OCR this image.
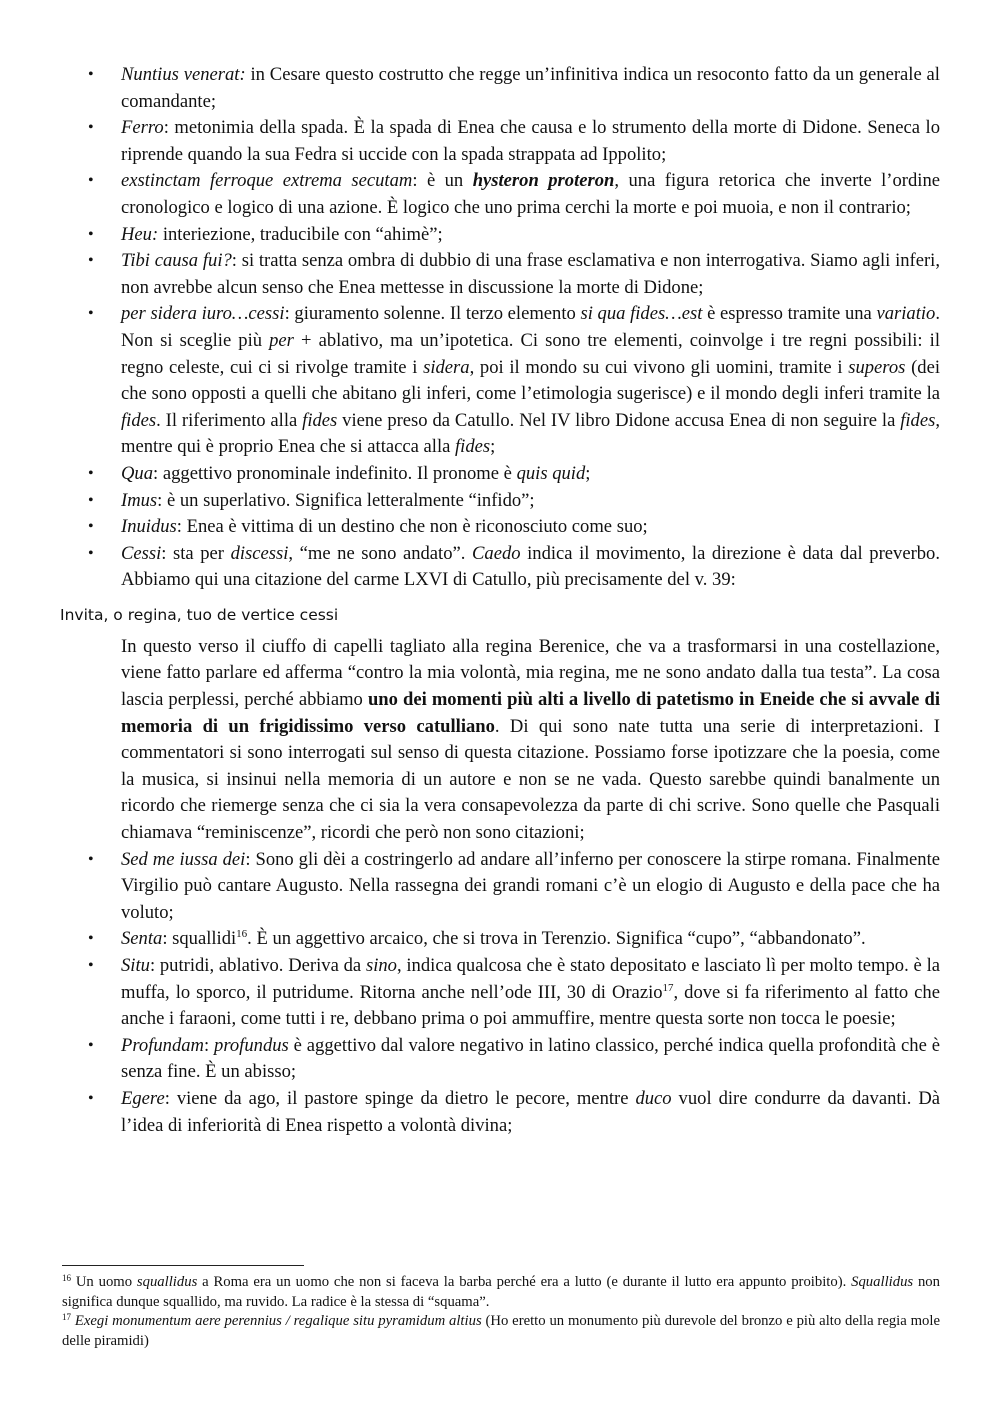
•	Nuntius venerat: in Cesare questo costrutto che regge un’infinitiva indica un resoconto fatto da un generale al comandante;
•	Ferro: metonimia della spada. È la spada di Enea che causa e lo strumento della morte di Didone. Seneca lo riprende quando la sua Fedra si uccide con la spada strappata ad Ippolito;
•	exstinctam ferroque extrema secutam: è un hysteron proteron, una figura retorica che inverte l’ordine cronologico e logico di una azione. È logico che uno prima cerchi la morte e poi muoia, e non il contrario;
•	Heu: interiezione, traducibile con “ahimè”;
•	Tibi causa fui?: si tratta senza ombra di dubbio di una frase esclamativa e non interrogativa. Siamo agli inferi, non avrebbe alcun senso che Enea mettesse in discussione la morte di Didone;
•	per sidera iuro…cessi: giuramento solenne. Il terzo elemento si qua fides…est è espresso tramite una variatio. Non si sceglie più per + ablativo, ma un’ipotetica. Ci sono tre elementi, coinvolge i tre regni possibili: il regno celeste, cui ci si rivolge tramite i sidera, poi il mondo su cui vivono gli uomini, tramite i superos (dei che sono opposti a quelli che abitano gli inferi, come l’etimologia sugerisce) e il mondo degli inferi tramite la fides. Il riferimento alla fides viene preso da Catullo. Nel IV libro Didone accusa Enea di non seguire la fides, mentre qui è proprio Enea che si attacca alla fides;
•	Qua: aggettivo pronominale indefinito. Il pronome è quis quid;
•	Imus: è un superlativo. Significa letteralmente “infido”;
•	Inuidus: Enea è vittima di un destino che non è riconosciuto come suo;
•	Cessi: sta per discessi, “me ne sono andato”. Caedo indica il movimento, la direzione è data dal preverbo. Abbiamo qui una citazione del carme LXVI di Catullo, più precisamente del v. 39:
Invita, o regina, tuo de vertice cessi
In questo verso il ciuffo di capelli tagliato alla regina Berenice, che va a trasformarsi in una costellazione, viene fatto parlare ed afferma “contro la mia volontà, mia regina, me ne sono andato dalla tua testa”. La cosa lascia perplessi, perché abbiamo uno dei momenti più alti a livello di patetismo in Eneide che si avvale di memoria di un frigidissimo verso catulliano. Di qui sono nate tutta una serie di interpretazioni. I commentatori si sono interrogati sul senso di questa citazione. Possiamo forse ipotizzare che la poesia, come la musica, si insinui nella memoria di un autore e non se ne vada. Questo sarebbe quindi banalmente un ricordo che riemerge senza che ci sia la vera consapevolezza da parte di chi scrive. Sono quelle che Pasquali chiamava “reminiscenze”, ricordi che però non sono citazioni;
•	Sed me iussa dei: Sono gli dèi a costringerlo ad andare all’inferno per conoscere la stirpe romana. Finalmente Virgilio può cantare Augusto. Nella rassegna dei grandi romani c’è un elogio di Augusto e della pace che ha voluto;
•	Senta: squallidi$^{16}$. È un aggettivo arcaico, che si trova in Terenzio. Significa “cupo”, “abbandonato”.
•	Situ: putridi, ablativo. Deriva da sino, indica qualcosa che è stato depositato e lasciato lì per molto tempo. è la muffa, lo sporco, il putridume. Ritorna anche nell’ode III, 30 di Orazio$^{17}$, dove si fa riferimento al fatto che anche i faraoni, come tutti i re, debbano prima o poi ammuffire, mentre questa sorte non tocca le poesie;
•	Profundam: profundus è aggettivo dal valore negativo in latino classico, perché indica quella profondità che è senza fine. È un abisso;
•	Egere: viene da ago, il pastore spinge da dietro le pecore, mentre duco vuol dire condurre da davanti. Dà l’idea di inferiorità di Enea rispetto a volontà divina;
$^{16}$ Un uomo squallidus a Roma era un uomo che non si faceva la barba perché era a lutto (e durante il lutto era appunto proibito). Squallidus non significa dunque squallido, ma ruvido. La radice è la stessa di “squama”.
$^{17}$ Exegi monumentum aere perennius / regalique situ pyramidum altius (Ho eretto un monumento più durevole del bronzo e più alto della regia mole delle piramidi)
